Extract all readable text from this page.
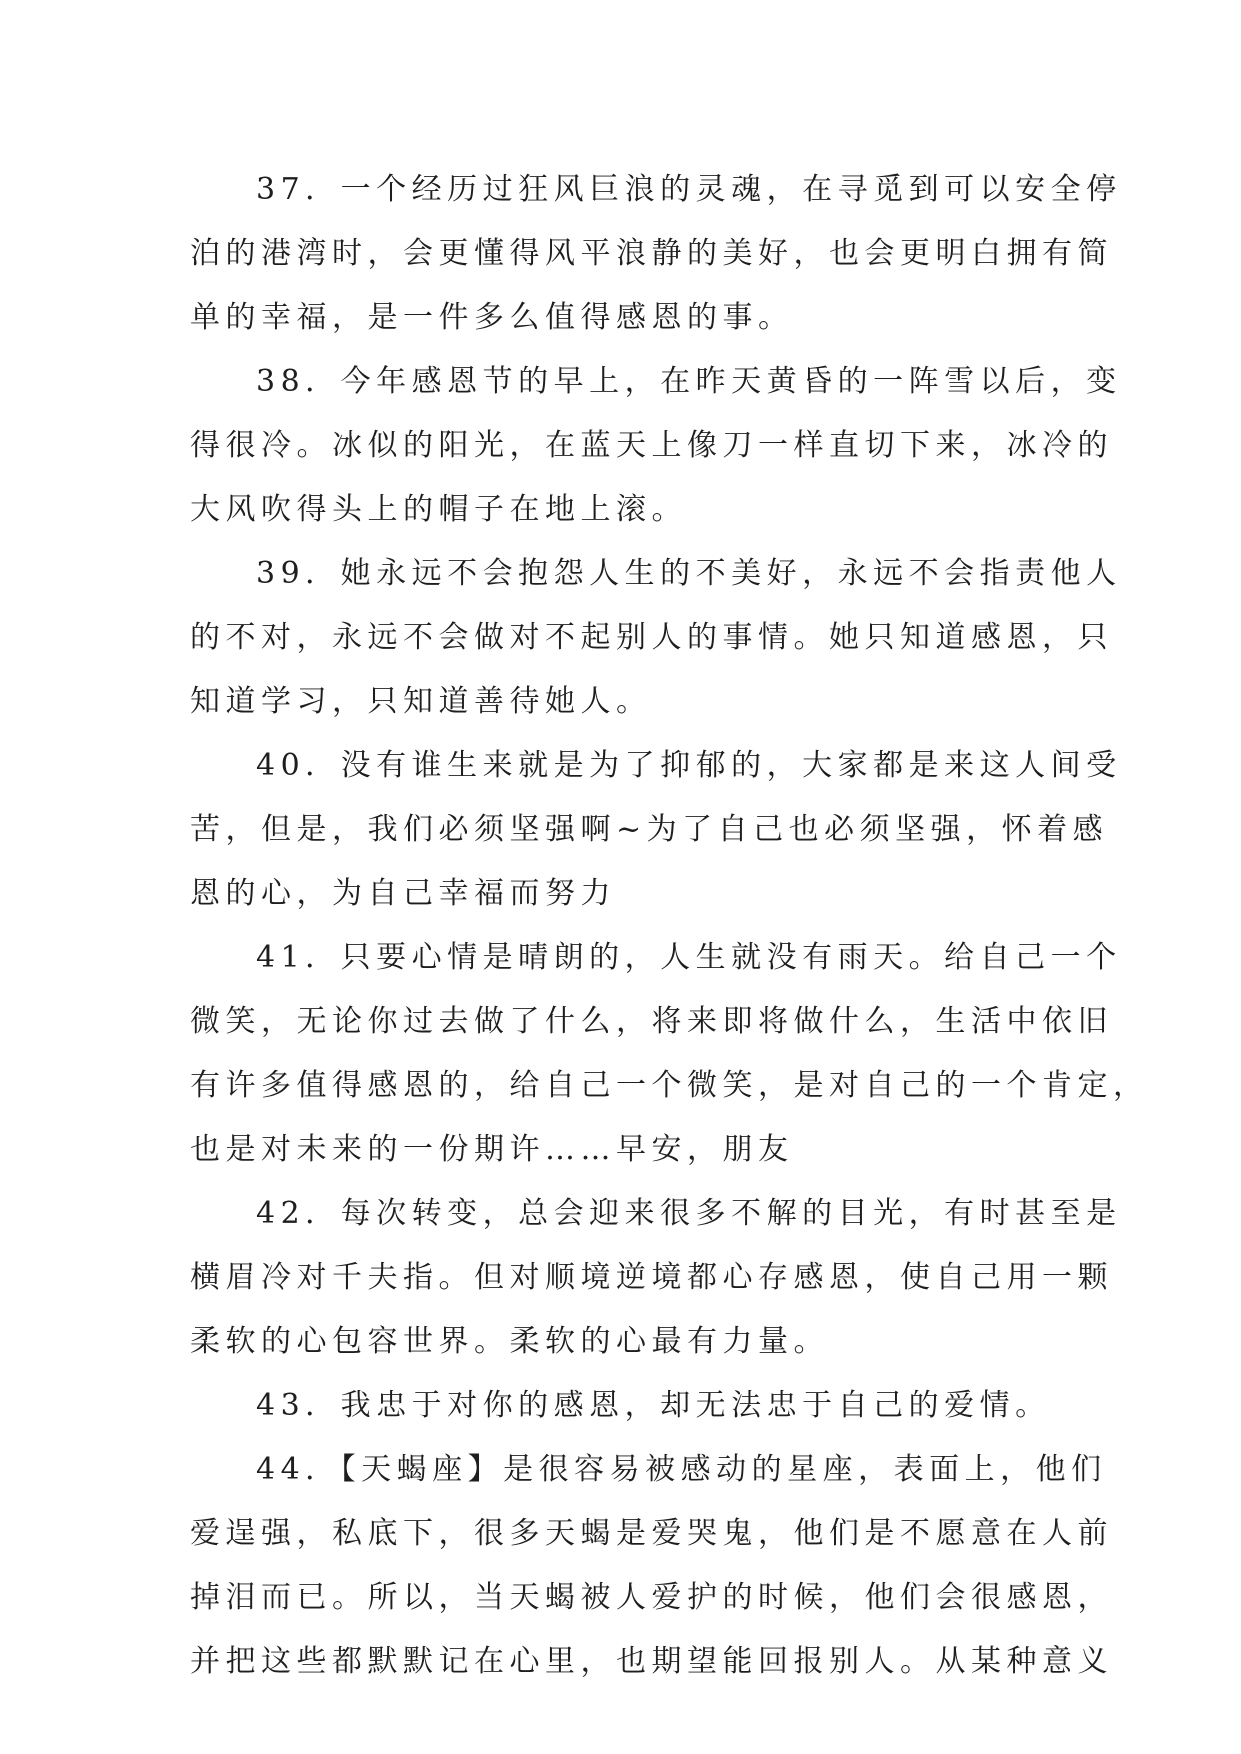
37．一个经历过狂风巨浪的灵魂，在寻觅到可以安全停
泊的港湾时，会更懂得风平浪静的美好，也会更明白拥有简
单的幸福，是一件多么值得感恩的事。
38．今年感恩节的早上，在昨天黄昏的一阵雪以后，变
得很冷。冰似的阳光，在蓝天上像刀一样直切下来，冰冷的
大风吹得头上的帽子在地上滚。
39．她永远不会抱怨人生的不美好，永远不会指责他人
的不对，永远不会做对不起别人的事情。她只知道感恩，只
知道学习，只知道善待她人。
40．没有谁生来就是为了抑郁的，大家都是来这人间受
苦，但是，我们必须坚强啊~为了自己也必须坚强，怀着感
恩的心，为自己幸福而努力
41．只要心情是晴朗的，人生就没有雨天。给自己一个
微笑，无论你过去做了什么，将来即将做什么，生活中依旧
有许多值得感恩的，给自己一个微笑，是对自己的一个肯定，
也是对未来的一份期许……早安，朋友
42．每次转变，总会迎来很多不解的目光，有时甚至是
横眉冷对千夫指。但对顺境逆境都心存感恩，使自己用一颗
柔软的心包容世界。柔软的心最有力量。
43．我忠于对你的感恩，却无法忠于自己的爱情。
44．【天蝎座】是很容易被感动的星座，表面上，他们
爱逞强，私底下，很多天蝎是爱哭鬼，他们是不愿意在人前
掉泪而已。所以，当天蝎被人爱护的时候，他们会很感恩，
并把这些都默默记在心里，也期望能回报别人。从某种意义
